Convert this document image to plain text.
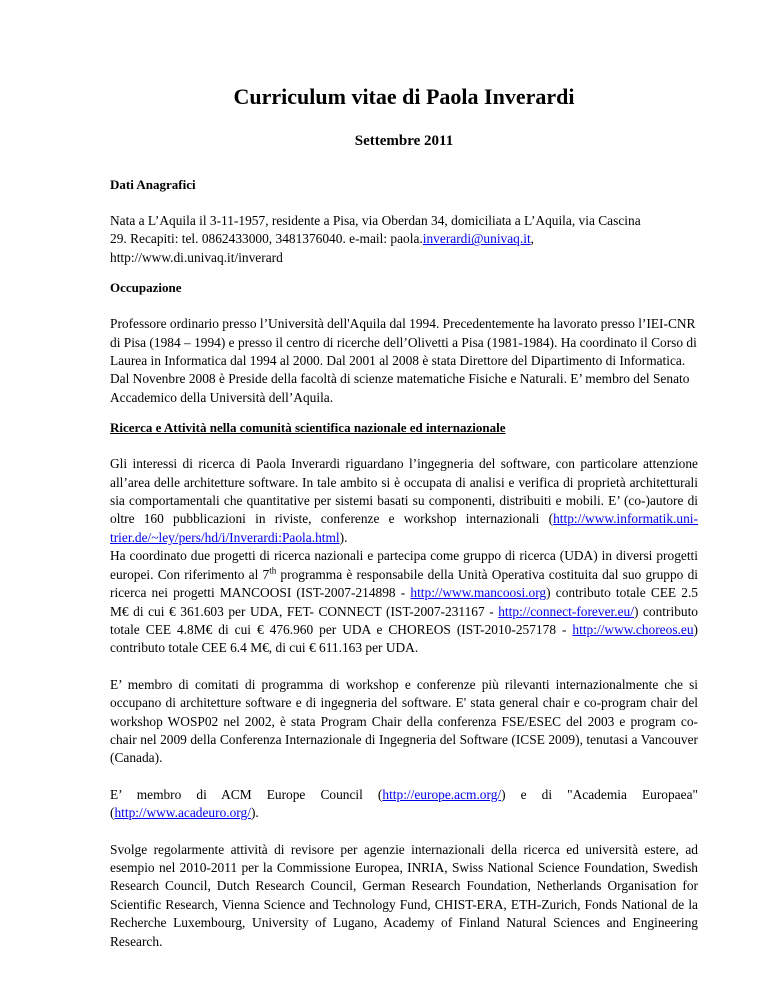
Curriculum vitae di Paola Inverardi
Settembre 2011
Dati Anagrafici
Nata a L’Aquila il 3-11-1957, residente a Pisa, via Oberdan 34, domiciliata a L’Aquila, via Cascina
29. Recapiti: tel. 0862433000, 3481376040. e-mail: paola.inverardi@univaq.it,
http://www.di.univaq.it/inverard
Occupazione
Professore ordinario presso l’Università dell'Aquila dal 1994. Precedentemente ha lavorato presso l’IEI-CNR di Pisa (1984 – 1994) e presso il centro di ricerche dell’Olivetti a Pisa (1981-1984). Ha coordinato il Corso di Laurea in Informatica dal 1994 al 2000. Dal 2001 al 2008 è stata Direttore del Dipartimento di Informatica. Dal Novenbre 2008 è Preside della facoltà di scienze matematiche Fisiche e Naturali. E’ membro del Senato Accademico della Università dell’Aquila.
Ricerca e Attività nella comunità scientifica nazionale ed internazionale
Gli interessi di ricerca di Paola Inverardi riguardano l’ingegneria del software, con particolare attenzione all’area delle architetture software. In tale ambito si è occupata di analisi e verifica di proprietà architetturali sia comportamentali che quantitative per sistemi basati su componenti, distribuiti e mobili. E’ (co-)autore di oltre 160 pubblicazioni in riviste, conferenze e workshop internazionali (http://www.informatik.uni-trier.de/~ley/pers/hd/i/Inverardi:Paola.html).
Ha coordinato due progetti di ricerca nazionali e partecipa come gruppo di ricerca (UDA) in diversi progetti europei. Con riferimento al 7th programma è responsabile della Unità Operativa costituita dal suo gruppo di ricerca nei progetti MANCOOSI (IST-2007-214898 - http://www.mancoosi.org) contributo totale CEE 2.5 M€ di cui € 361.603 per UDA, FET- CONNECT (IST-2007-231167 - http://connect-forever.eu/) contributo totale CEE 4.8M€ di cui € 476.960 per UDA e CHOREOS (IST-2010-257178 - http://www.choreos.eu) contributo totale CEE 6.4 M€, di cui € 611.163 per UDA.
E’ membro di comitati di programma di workshop e conferenze più rilevanti internazionalmente che si occupano di architetture software e di ingegneria del software. E' stata general chair e co-program chair del workshop WOSP02 nel 2002, è stata Program Chair della conferenza FSE/ESEC del 2003 e program co-chair nel 2009 della Conferenza Internazionale di Ingegneria del Software (ICSE 2009), tenutasi a Vancouver (Canada).
E’ membro di ACM Europe Council (http://europe.acm.org/) e di "Academia Europaea" (http://www.acadeuro.org/).
Svolge regolarmente attività di revisore per agenzie internazionali della ricerca ed università estere, ad esempio nel 2010-2011 per la Commissione Europea, INRIA, Swiss National Science Foundation, Swedish Research Council, Dutch Research Council, German Research Foundation, Netherlands Organisation for Scientific Research, Vienna Science and Technology Fund, CHIST-ERA, ETH-Zurich, Fonds National de la Recherche Luxembourg, University of Lugano, Academy of Finland Natural Sciences and Engineering Research.
